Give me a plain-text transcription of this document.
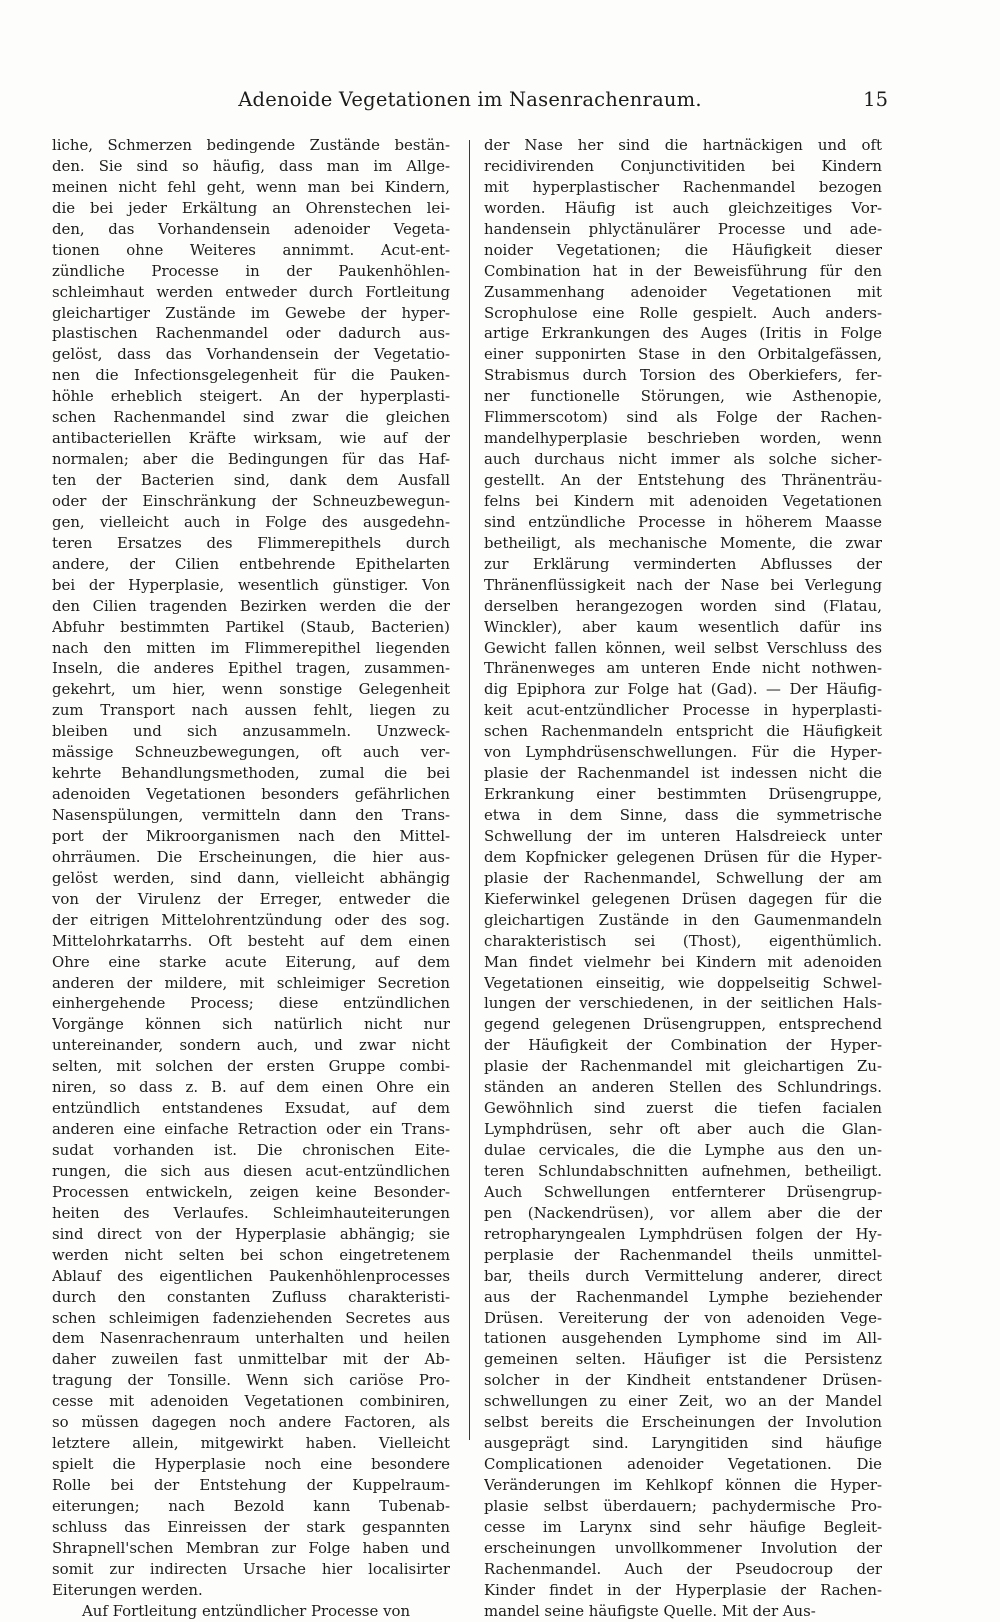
Adenoide Vegetationen im Nasenrachenraum.	15
liche, Schmerzen bedingende Zustände bestän-
den. Sie sind so häufig, dass man im Allge-
meinen nicht fehl geht, wenn man bei Kindern,
die bei jeder Erkältung an Ohrenstechen lei-
den, das Vorhandensein adenoider Vegeta-
tionen ohne Weiteres annimmt. Acut-ent-
zündliche Processe in der Paukenhöhlen-
schleimhaut werden entweder durch Fortleitung
gleichartiger Zustände im Gewebe der hyper-
plastischen Rachenmandel oder dadurch aus-
gelöst, dass das Vorhandensein der Vegetatio-
nen die Infectionsgelegenheit für die Pauken-
höhle erheblich steigert. An der hyperplasti-
schen Rachenmandel sind zwar die gleichen
antibacteriellen Kräfte wirksam, wie auf der
normalen; aber die Bedingungen für das Haf-
ten der Bacterien sind, dank dem Ausfall
oder der Einschränkung der Schneuzbewegun-
gen, vielleicht auch in Folge des ausgedehn-
teren Ersatzes des Flimmerepithels durch
andere, der Cilien entbehrende Epithelarten
bei der Hyperplasie, wesentlich günstiger. Von
den Cilien tragenden Bezirken werden die der
Abfuhr bestimmten Partikel (Staub, Bacterien)
nach den mitten im Flimmerepithel liegenden
Inseln, die anderes Epithel tragen, zusammen-
gekehrt, um hier, wenn sonstige Gelegenheit
zum Transport nach aussen fehlt, liegen zu
bleiben und sich anzusammeln. Unzweck-
mässige Schneuzbewegungen, oft auch ver-
kehrte Behandlungsmethoden, zumal die bei
adenoiden Vegetationen besonders gefährlichen
Nasenspülungen, vermitteln dann den Trans-
port der Mikroorganismen nach den Mittel-
ohrräumen. Die Erscheinungen, die hier aus-
gelöst werden, sind dann, vielleicht abhängig
von der Virulenz der Erreger, entweder die
der eitrigen Mittelohrentzündung oder des sog.
Mittelohrkatarrhs. Oft besteht auf dem einen
Ohre eine starke acute Eiterung, auf dem
anderen der mildere, mit schleimiger Secretion
einhergehende Process; diese entzündlichen
Vorgänge können sich natürlich nicht nur
untereinander, sondern auch, und zwar nicht
selten, mit solchen der ersten Gruppe combi-
niren, so dass z. B. auf dem einen Ohre ein
entzündlich entstandenes Exsudat, auf dem
anderen eine einfache Retraction oder ein Trans-
sudat vorhanden ist. Die chronischen Eite-
rungen, die sich aus diesen acut-entzündlichen
Processen entwickeln, zeigen keine Besonder-
heiten des Verlaufes. Schleimhauteiterungen
sind direct von der Hyperplasie abhängig; sie
werden nicht selten bei schon eingetretenem
Ablauf des eigentlichen Paukenhöhlenprocesses
durch den constanten Zufluss charakteristi-
schen schleimigen fadenziehenden Secretes aus
dem Nasenrachenraum unterhalten und heilen
daher zuweilen fast unmittelbar mit der Ab-
tragung der Tonsille. Wenn sich cariöse Pro-
cesse mit adenoiden Vegetationen combiniren,
so müssen dagegen noch andere Factoren, als
letztere allein, mitgewirkt haben. Vielleicht
spielt die Hyperplasie noch eine besondere
Rolle bei der Entstehung der Kuppelraum-
eiterungen; nach Bezold kann Tubenab-
schluss das Einreissen der stark gespannten
Shrapnell'schen Membran zur Folge haben und
somit zur indirecten Ursache hier localisirter
Eiterungen werden.
Auf Fortleitung entzündlicher Processe von
der Nase her sind die hartnäckigen und oft
recidivirenden Conjunctivitiden bei Kindern
mit hyperplastischer Rachenmandel bezogen
worden. Häufig ist auch gleichzeitiges Vor-
handensein phlyctänulärer Processe und ade-
noider Vegetationen; die Häufigkeit dieser
Combination hat in der Beweisführung für den
Zusammenhang adenoider Vegetationen mit
Scrophulose eine Rolle gespielt. Auch anders-
artige Erkrankungen des Auges (Iritis in Folge
einer supponirten Stase in den Orbitalgefässen,
Strabismus durch Torsion des Oberkiefers, fer-
ner functionelle Störungen, wie Asthenopie,
Flimmerscotom) sind als Folge der Rachen-
mandelhyperplasie beschrieben worden, wenn
auch durchaus nicht immer als solche sicher-
gestellt. An der Entstehung des Thränenträu-
felns bei Kindern mit adenoiden Vegetationen
sind entzündliche Processe in höherem Maasse
betheiligt, als mechanische Momente, die zwar
zur Erklärung verminderten Abflusses der
Thränenflüssigkeit nach der Nase bei Verlegung
derselben herangezogen worden sind (Flatau,
Winckler), aber kaum wesentlich dafür ins
Gewicht fallen können, weil selbst Verschluss des
Thränenweges am unteren Ende nicht nothwen-
dig Epiphora zur Folge hat (Gad). — Der Häufig-
keit acut-entzündlicher Processe in hyperplasti-
schen Rachenmandeln entspricht die Häufigkeit
von Lymphdrüsenschwellungen. Für die Hyper-
plasie der Rachenmandel ist indessen nicht die
Erkrankung einer bestimmten Drüsengruppe,
etwa in dem Sinne, dass die symmetrische
Schwellung der im unteren Halsdreieck unter
dem Kopfnicker gelegenen Drüsen für die Hyper-
plasie der Rachenmandel, Schwellung der am
Kieferwinkel gelegenen Drüsen dagegen für die
gleichartigen Zustände in den Gaumenmandeln
charakteristisch sei (Thost), eigenthümlich.
Man findet vielmehr bei Kindern mit adenoiden
Vegetationen einseitig, wie doppelseitig Schwel-
lungen der verschiedenen, in der seitlichen Hals-
gegend gelegenen Drüsengruppen, entsprechend
der Häufigkeit der Combination der Hyper-
plasie der Rachenmandel mit gleichartigen Zu-
ständen an anderen Stellen des Schlundrings.
Gewöhnlich sind zuerst die tiefen facialen
Lymphdrüsen, sehr oft aber auch die Glan-
dulae cervicales, die die Lymphe aus den un-
teren Schlundabschnitten aufnehmen, betheiligt.
Auch Schwellungen entfernterer Drüsengrup-
pen (Nackendrüsen), vor allem aber die der
retropharyngealen Lymphdrüsen folgen der Hy-
perplasie der Rachenmandel theils unmittel-
bar, theils durch Vermittelung anderer, direct
aus der Rachenmandel Lymphe beziehender
Drüsen. Vereiterung der von adenoiden Vege-
tationen ausgehenden Lymphome sind im All-
gemeinen selten. Häufiger ist die Persistenz
solcher in der Kindheit entstandener Drüsen-
schwellungen zu einer Zeit, wo an der Mandel
selbst bereits die Erscheinungen der Involution
ausgeprägt sind. Laryngitiden sind häufige
Complicationen adenoider Vegetationen. Die
Veränderungen im Kehlkopf können die Hyper-
plasie selbst überdauern; pachydermische Pro-
cesse im Larynx sind sehr häufige Begleit-
erscheinungen unvollkommener Involution der
Rachenmandel. Auch der Pseudocroup der
Kinder findet in der Hyperplasie der Rachen-
mandel seine häufigste Quelle. Mit der Aus-
